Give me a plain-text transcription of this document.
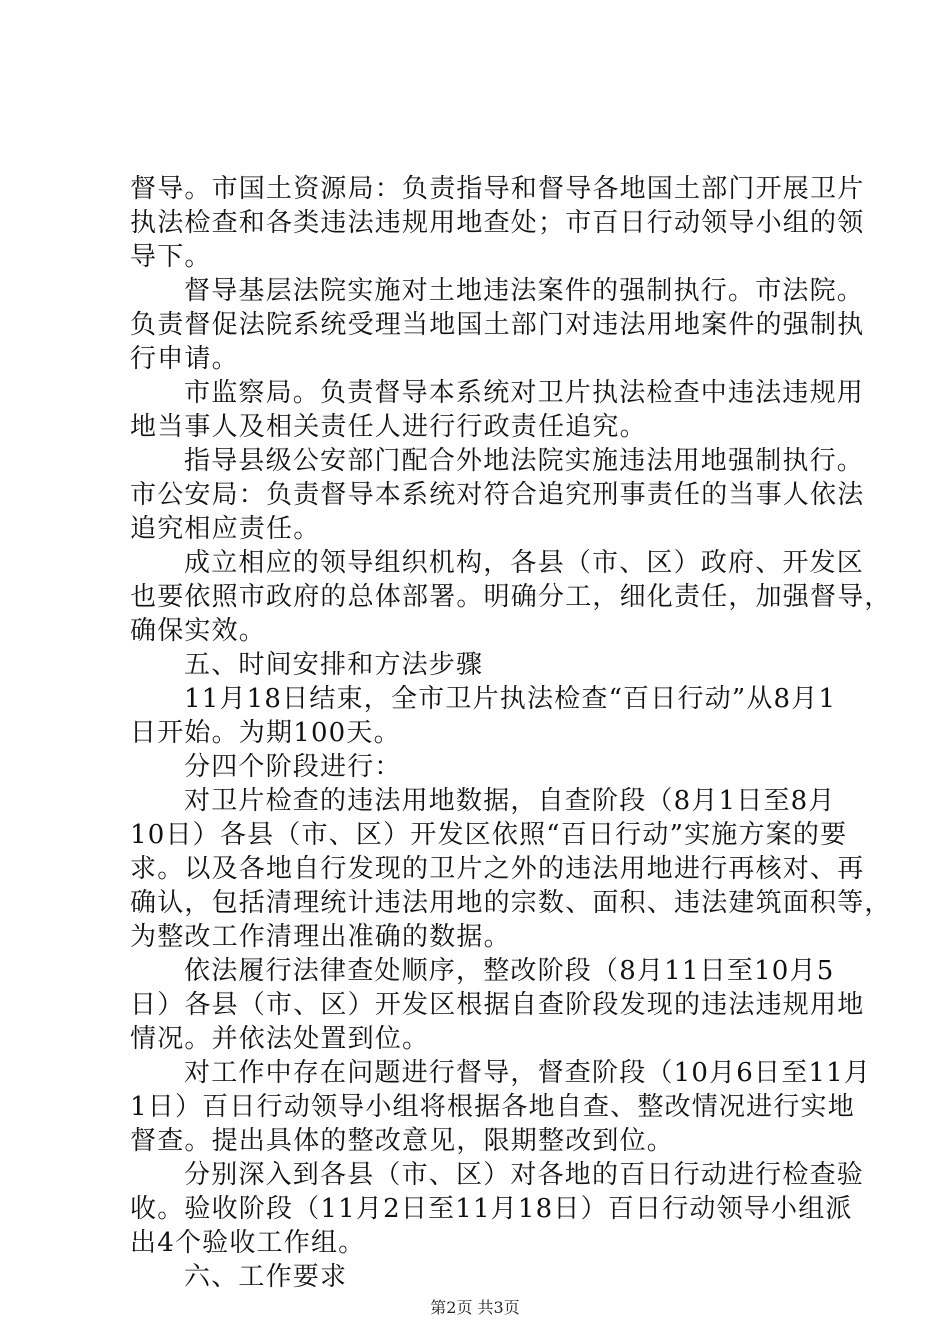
督导。市国土资源局：负责指导和督导各地国土部门开展卫片
执法检查和各类违法违规用地查处；市百日行动领导小组的领
导下。
督导基层法院实施对土地违法案件的强制执行。市法院。
负责督促法院系统受理当地国土部门对违法用地案件的强制执
行申请。
市监察局。负责督导本系统对卫片执法检查中违法违规用
地当事人及相关责任人进行行政责任追究。
指导县级公安部门配合外地法院实施违法用地强制执行。
市公安局：负责督导本系统对符合追究刑事责任的当事人依法
追究相应责任。
成立相应的领导组织机构，各县（市、区）政府、开发区
也要依照市政府的总体部署。明确分工，细化责任，加强督导，
确保实效。
五、时间安排和方法步骤
11月18日结束，全市卫片执法检查“百日行动”从8月1
日开始。为期100天。
分四个阶段进行：
对卫片检查的违法用地数据，自查阶段（8月1日至8月
10日）各县（市、区）开发区依照“百日行动”实施方案的要
求。以及各地自行发现的卫片之外的违法用地进行再核对、再
确认，包括清理统计违法用地的宗数、面积、违法建筑面积等，
为整改工作清理出准确的数据。
依法履行法律查处顺序，整改阶段（8月11日至10月5
日）各县（市、区）开发区根据自查阶段发现的违法违规用地
情况。并依法处置到位。
对工作中存在问题进行督导，督查阶段（10月6日至11月
1日）百日行动领导小组将根据各地自查、整改情况进行实地
督查。提出具体的整改意见，限期整改到位。
分别深入到各县（市、区）对各地的百日行动进行检查验
收。验收阶段（11月2日至11月18日）百日行动领导小组派
出4个验收工作组。
六、工作要求
第2页 共3页
